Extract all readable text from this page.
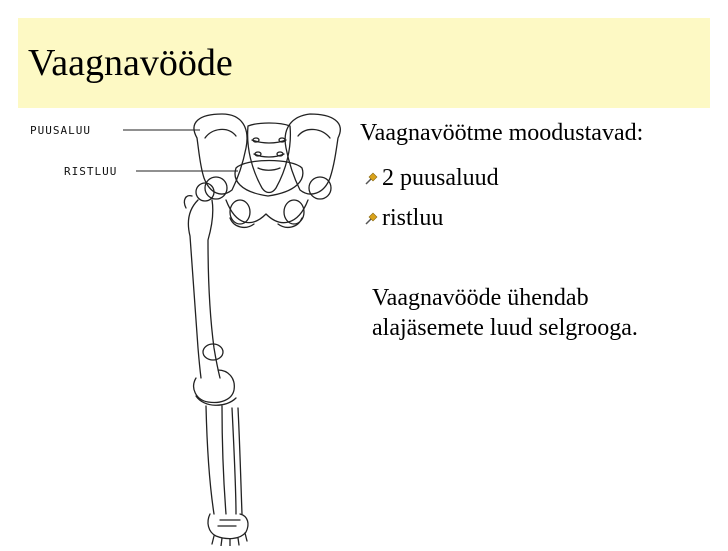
Vaagnavööde
PUUSALUU
RISTLUU
Vaagnavöötme moodustavad:
2 puusaluud
ristluu
Vaagnavööde ühendab
alajäsemete luud selgrooga.
